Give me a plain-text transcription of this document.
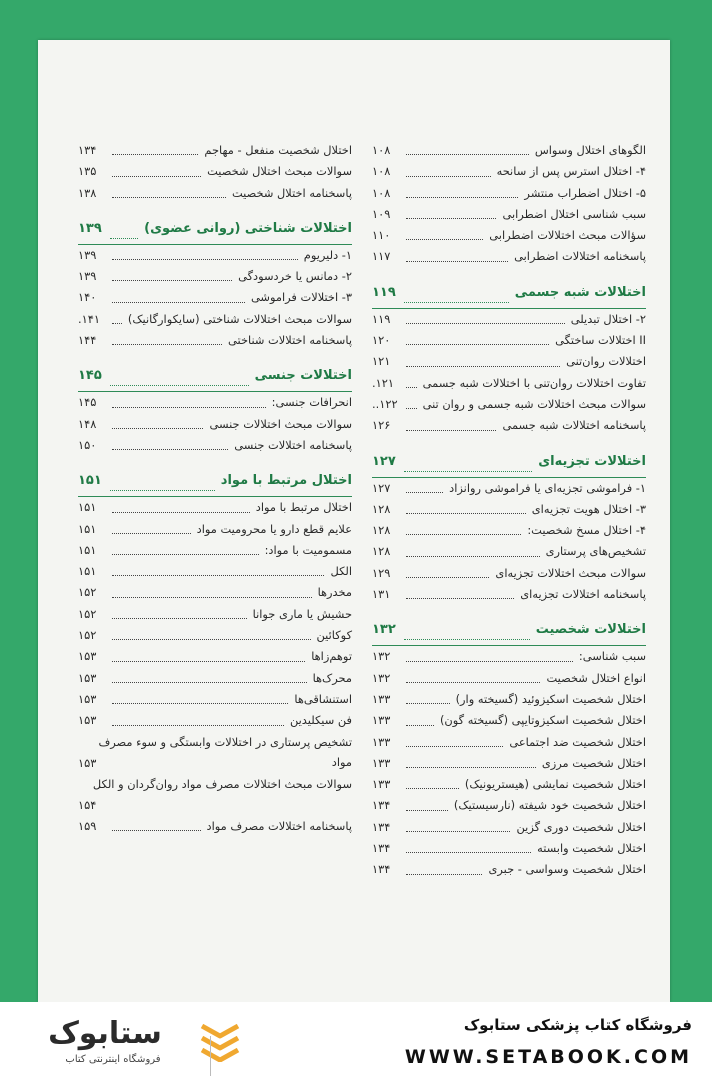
الگوهای اختلال وسواس
۱۰۸
۴- اختلال استرس پس از سانحه
۱۰۸
۵- اختلال اضطراب منتشر
۱۰۸
سبب شناسی اختلال اضطرابی
۱۰۹
سؤالات مبحث اختلالات اضطرابی
۱۱۰
پاسخنامه اختلالات اضطرابی
۱۱۷
اختلالات شبه جسمی
۱۱۹
۲- اختلال تبدیلی
۱۱۹
II اختلالات ساختگی
۱۲۰
اختلالات روان‌تنی
۱۲۱
تفاوت اختلالات روان‌تنی با اختلالات شبه جسمی
۱۲۱.
سوالات مبحث اختلالات شبه جسمی و روان تنی
۱۲۲..
پاسخنامه اختلالات شبه جسمی
۱۲۶
اختلالات تجزیه‌ای
۱۲۷
۱- فراموشی تجزیه‌ای یا فراموشی روانزاد
۱۲۷
۳- اختلال هویت تجزیه‌ای
۱۲۸
۴- اختلال مسخ شخصیت:
۱۲۸
تشخیص‌های پرستاری
۱۲۸
سوالات مبحث اختلالات تجزیه‌ای
۱۲۹
پاسخنامه اختلالات تجزیه‌ای
۱۳۱
اختلالات شخصیت
۱۳۲
سبب شناسی:
۱۳۲
انواع اختلال شخصیت
۱۳۲
اختلال شخصیت اسکیزوئید (گسیخته وار)
۱۳۳
اختلال شخصیت اسکیزوتایپی (گسیخته گون)
۱۳۳
اختلال شخصیت ضد اجتماعی
۱۳۳
اختلال شخصیت مرزی
۱۳۳
اختلال شخصیت نمایشی (هیستریونیک)
۱۳۳
اختلال شخصیت خود شیفته (نارسیستیک)
۱۳۴
اختلال شخصیت دوری گزین
۱۳۴
اختلال شخصیت وابسته
۱۳۴
اختلال شخصیت وسواسی - جبری
۱۳۴
اختلال شخصیت منفعل - مهاجم
۱۳۴
سوالات مبحث اختلال شخصیت
۱۳۵
پاسخنامه اختلال شخصیت
۱۳۸
اختلالات شناختی (روانی عضوی)
۱۳۹
۱- دلیریوم
۱۳۹
۲- دمانس یا خردسودگی
۱۳۹
۳- اختلالات فراموشی
۱۴۰
سوالات مبحث اختلالات شناختی (سایکوارگانیک)
۱۴۱.
پاسخنامه اختلالات شناختی
۱۴۴
اختلالات جنسی
۱۴۵
انحرافات جنسی:
۱۴۵
سوالات مبحث اختلالات جنسی
۱۴۸
پاسخنامه اختلالات جنسی
۱۵۰
اختلال مرتبط با مواد
۱۵۱
اختلال مرتبط با مواد
۱۵۱
علایم قطع دارو یا محرومیت مواد
۱۵۱
مسمومیت با مواد:
۱۵۱
الکل
۱۵۱
مخدرها
۱۵۲
حشیش یا ماری جوانا
۱۵۲
کوکائین
۱۵۲
توهم‌زاها
۱۵۳
محرک‌ها
۱۵۳
استنشاقی‌ها
۱۵۳
فن سیکلیدین
۱۵۳
تشخیص پرستاری در اختلالات وابستگی و سوء مصرف مواد
۱۵۳
سوالات مبحث اختلالات مصرف مواد روان‌گردان و الکل
۱۵۴
پاسخنامه اختلالات مصرف مواد
۱۵۹
ستابوک
فروشگاه اینترنتی کتاب
فروشگاه کتاب پزشکی ستابوک
WWW.SETABOOK.COM
